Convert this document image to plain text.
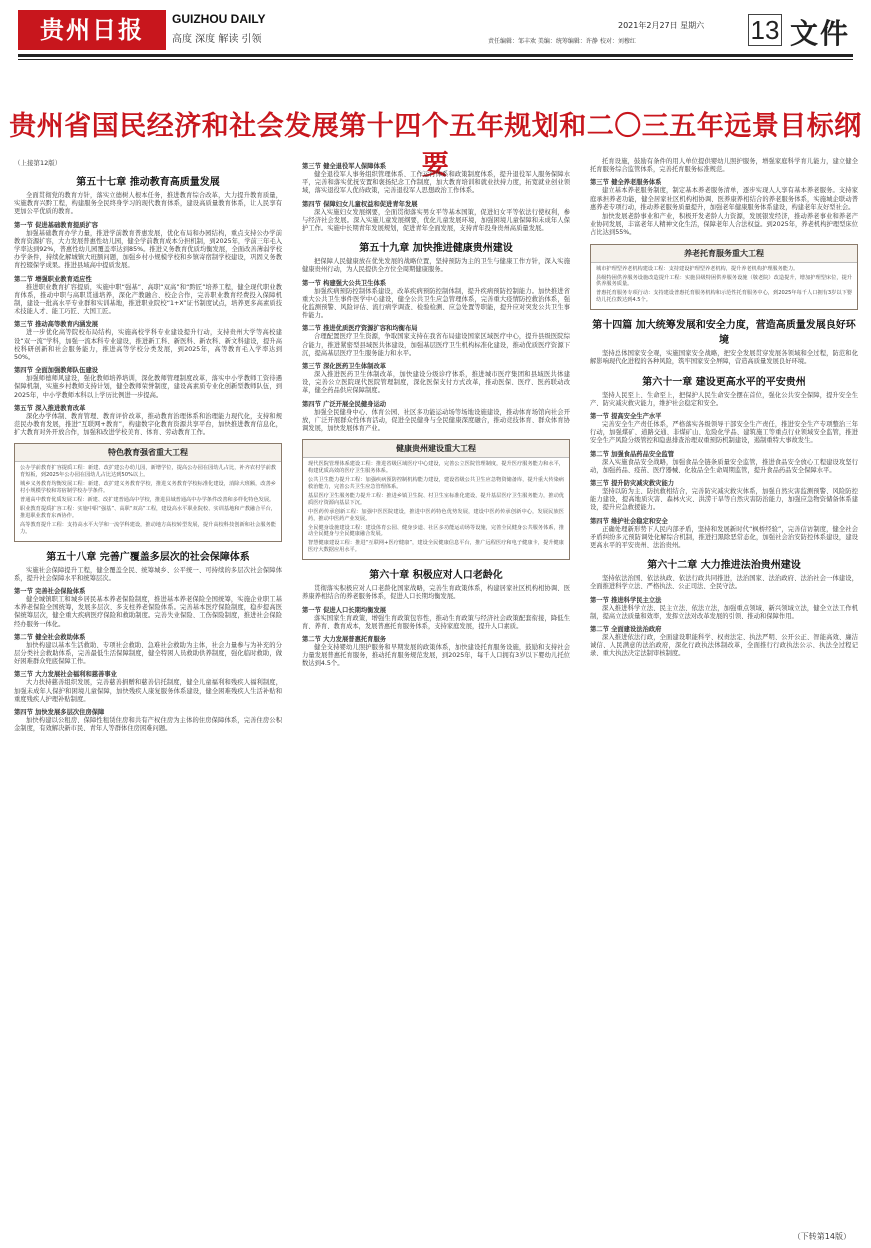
贵州日报	GUIZHOU DAILY
高度 深度 解读 引领
2021年2月27日 星期六
责任编辑：邹丰欢 美编：统筹编辑：许静 校对：刘穆红	13 文件
贵州省国民经济和社会发展第十四个五年规划和二〇三五年远景目标纲要
（上接第12版）
第五十七章 推动教育高质量发展
全面贯彻党的教育方针，落实立德树人根本任务，推进教育综合改革，大力提升教育质量，实施教育兴黔工程，构建服务全民终身学习的现代教育体系，建设高质量教育体系，让人民享有更加公平优质的教育。
第一节 促进基础教育提质扩容
加强基础教育办学力量，推进学前教育普惠发展，优化布局和办园结构，重点支持公办学前教育资源扩容，大力发展普惠性幼儿园，健全学前教育成本分担机制，到2025年，学前三年毛入学率达到92%，普惠性幼儿园覆盖率达到85%。推进义务教育优质均衡发展，全面改善薄弱学校办学条件，持续化解城镇大班额问题，加强乡村小规模学校和乡镇寄宿制学校建设，巩固义务教育控辍保学成果。推进县域高中提质发展。
第二节 增强职业教育适应性
推进职业教育扩容提质，实施中职“强基”、高职“双高”和“黔匠”培养工程，健全现代职业教育体系，推动中职与高职贯通培养，深化产教融合、校企合作，完善职业教育经费投入保障机制，建设一批高水平专业群和实训基地，推进职业院校“1+X”证书制度试点，培养更多高素质技术技能人才、能工巧匠、大国工匠。
第三节 推动高等教育内涵发展
进一步优化高等院校布局结构，实施高校学科专业建设提升行动，支持贵州大学等高校建设“双一流”学科，加强一流本科专业建设，推进新工科、新医科、新农科、新文科建设，提升高校科研创新和社会服务能力，推进高等学校分类发展，到2025年，高等教育毛入学率达到50%。
第四节 全面加强教师队伍建设
加强师德师风建设，强化教师培养培训，深化教师管理制度改革，落实中小学教师工资待遇保障机制，实施乡村教师支持计划，健全教师荣誉制度，建设高素质专业化创新型教师队伍，到2025年，中小学教师本科以上学历比例进一步提高。
第五节 深入推进教育改革
深化办学体制、教育管理、教育评价改革，推动教育治理体系和治理能力现代化，支持和规范民办教育发展，推进“互联网+教育”，构建数字化教育资源共享平台，加快推进教育信息化，扩大教育对外开放合作，加强和改进学校美育、体育、劳动教育工作。
特色教育强省重大工程
公办学前教育扩容提质工程：新建、改扩建公办幼儿园，新增学位，提高公办园在园幼儿占比，补齐农村学前教育短板，到2025年公办园在园幼儿占比达到50%以上。
城乡义务教育均衡发展工程：新建、改扩建义务教育学校，推进义务教育学校标准化建设，消除大班额，改善乡村小规模学校和寄宿制学校办学条件。
普通高中教育优质发展工程：新建、改扩建普通高中学校，推进县域普通高中办学条件改善和多样化特色发展。
职业教育提质扩容工程：实施中职“强基”、高职“双高”工程，建设高水平职业院校、实训基地和产教融合平台，推进职业教育东西协作。
高等教育提升工程：支持高水平大学和一流学科建设，推动地方高校转型发展，提升高校科技创新和社会服务能力。
第五十八章 完善广覆盖多层次的社会保障体系
实施社会保障提升工程，健全覆盖全民、统筹城乡、公平统一、可持续的多层次社会保障体系，提升社会保障水平和统筹层次。
第一节 完善社会保险体系
健全城镇职工和城乡居民基本养老保险制度，推进基本养老保险全国统筹，实施企业职工基本养老保险全国统筹，发展多层次、多支柱养老保险体系。完善基本医疗保险制度，稳步提高医保统筹层次，健全重大疾病医疗保险和救助制度。完善失业保险、工伤保险制度，推进社会保险经办服务一体化。
第二节 健全社会救助体系
加快构建以基本生活救助、专项社会救助、急难社会救助为主体，社会力量参与为补充的分层分类社会救助体系，完善最低生活保障制度，健全特困人员救助供养制度，强化临时救助，做好困难群众兜底保障工作。
第三节 大力发展社会福利和慈善事业
大力扶持慈善组织发展，完善慈善捐赠和慈善信托制度，健全儿童福利和残疾人福利制度，加强未成年人保护和困境儿童保障，加快残疾人康复服务体系建设，健全困难残疾人生活补贴和重度残疾人护理补贴制度。
第四节 加快发展多层次住房保障
加快构建以公租房、保障性租赁住房和共有产权住房为主体的住房保障体系，完善住房公积金制度，有效解决新市民、青年人等群体住房困难问题。
第三节 健全退役军人保障体系
健全退役军人事务组织管理体系、工作运行体系和政策制度体系，提升退役军人服务保障水平，完善和落实优抚安置和褒扬纪念工作制度，加大教育培训和就业扶持力度，拓宽就业创业领域，落实退役军人优待政策，完善退役军人思想政治工作体系。
第四节 保障妇女儿童权益和促进青年发展
深入实施妇女发展纲要，全面贯彻落实男女平等基本国策，促进妇女平等依法行使权利，参与经济社会发展。深入实施儿童发展纲要，优化儿童发展环境，加强困境儿童保障和未成年人保护工作。实施中长期青年发展规划，促进青年全面发展，支持青年投身贵州高质量发展。
第五十九章 加快推进健康贵州建设
把保障人民健康放在优先发展的战略位置，坚持预防为主的卫生与健康工作方针，深入实施健康贵州行动，为人民提供全方位全周期健康服务。
第一节 构建强大公共卫生体系
加强疾病预防控制体系建设，改革疾病预防控制体制，提升疾病预防控制能力。加快推进省重大公共卫生事件医学中心建设，健全公共卫生应急管理体系，完善重大疫情防控救治体系，强化监测预警、风险评估、流行病学调查、检验检测、应急处置等职能，提升应对突发公共卫生事件能力。
第二节 推进优质医疗资源扩容和均衡布局
合理配置医疗卫生资源，争取国家支持在我省布局建设国家区域医疗中心，提升县级医院综合能力，推进紧密型县域医共体建设，加强基层医疗卫生机构标准化建设，推动优质医疗资源下沉，提高基层医疗卫生服务能力和水平。
第三节 深化医药卫生体制改革
深入推进医药卫生体制改革，加快建设分级诊疗体系，推进城市医疗集团和县域医共体建设，完善公立医院现代医院管理制度，深化医保支付方式改革，推动医保、医疗、医药联动改革，健全药品供应保障制度。
第四节 广泛开展全民健身运动
加强全民健身中心、体育公园、社区多功能运动场等场地设施建设，推动体育场馆向社会开放，广泛开展群众性体育活动，促进全民健身与全民健康深度融合，推动竞技体育、群众体育协调发展，加快发展体育产业。
健康贵州建设重大工程
现代医院管理体系建设工程：推进省级区域医疗中心建设，完善公立医院管理制度，提升医疗服务能力和水平，构建优质高效的医疗卫生服务体系。
公共卫生能力提升工程：加强疾病预防控制机构能力建设，建设省级公共卫生应急物资储备库，提升重大传染病救治能力，完善公共卫生应急管理体系。
基层医疗卫生服务能力提升工程：推进乡镇卫生院、村卫生室标准化建设，提升基层医疗卫生服务能力，推动优质医疗资源向基层下沉。
中医药传承创新工程：加强中医医院建设，推进中医药特色优势发展，建设中医药传承创新中心，发展民族医药，推动中医药产业发展。
全民健身设施建设工程：建设体育公园、健身步道、社区多功能运动场等设施，完善全民健身公共服务体系，推动全民健身与全民健康融合发展。
智慧健康建设工程：推进“互联网+医疗健康”，建设全民健康信息平台，推广远程医疗和电子健康卡，提升健康医疗大数据应用水平。
第六十章 积极应对人口老龄化
贯彻落实积极应对人口老龄化国家战略，完善生育政策体系，构建居家社区机构相协调、医养康养相结合的养老服务体系，促进人口长期均衡发展。
第一节 促进人口长期均衡发展
落实国家生育政策，增强生育政策包容性，推动生育政策与经济社会政策配套衔接，降低生育、养育、教育成本，发展普惠托育服务体系，支持家庭发展，提升人口素质。
第二节 大力发展普惠托育服务
健全支持婴幼儿照护服务和早期发展的政策体系，加快建设托育服务设施，鼓励和支持社会力量发展普惠托育服务，推动托育服务规范发展，到2025年，每千人口拥有3岁以下婴幼儿托位数达到4.5个。
托育设施，鼓励有条件的用人单位提供婴幼儿照护服务，增强家庭科学育儿能力，建立健全托育服务综合监管体系，完善托育服务标准规范。
第三节 健全养老服务体系
建立基本养老服务制度，制定基本养老服务清单，逐步实现人人享有基本养老服务。支持家庭承担养老功能，健全居家社区机构相协调、医养康养相结合的养老服务体系，实施城企联动普惠养老专项行动，推动养老服务质量提升，加强老年健康服务体系建设，构建老年友好型社会。
加快发展老龄事业和产业，积极开发老龄人力资源，发展银发经济，推动养老事业和养老产业协同发展，丰富老年人精神文化生活，保障老年人合法权益。到2025年，养老机构护理型床位占比达到55%。
养老托育服务重大工程
城市护理型养老机构建设工程：支持建设护理型养老机构，提升养老机构护理服务能力。
县级特困供养服务设施改造提升工程：实施县级特困供养服务设施（敬老院）改造提升，增加护理型床位，提升供养服务质量。
普惠托育服务专项行动：支持建设普惠托育服务机构和示范性托育服务中心，到2025年每千人口拥有3岁以下婴幼儿托位数达到4.5个。
第十四篇 加大统筹发展和安全力度，营造高质量发展良好环境
坚持总体国家安全观，实施国家安全战略，把安全发展贯穿发展各领域和全过程，防范和化解影响现代化进程的各种风险，筑牢国家安全屏障，营造高质量发展良好环境。
第六十一章 建设更高水平的平安贵州
坚持人民至上、生命至上，把保护人民生命安全摆在首位，强化公共安全保障，提升安全生产、防灾减灾救灾能力，维护社会稳定和安全。
第一节 提高安全生产水平
完善安全生产责任体系，严格落实各级领导干部安全生产责任，推进安全生产专项整治三年行动，加强煤矿、道路交通、非煤矿山、危险化学品、建筑施工等重点行业领域安全监管，推进安全生产风险分级管控和隐患排查治理双重预防机制建设，遏制重特大事故发生。
第二节 加强食品药品安全监管
深入实施食品安全战略，加强食品全链条质量安全监管，推进食品安全放心工程建设攻坚行动，加强药品、疫苗、医疗器械、化妆品全生命周期监管，提升食品药品安全保障水平。
第三节 提升防灾减灾救灾能力
坚持以防为主、防抗救相结合，完善防灾减灾救灾体系，加强自然灾害监测预警、风险防控能力建设，提高地质灾害、森林火灾、洪涝干旱等自然灾害防治能力，加强应急物资储备体系建设，提升应急救援能力。
第四节 维护社会稳定和安全
正确处理新形势下人民内部矛盾，坚持和发展新时代“枫桥经验”，完善信访制度，健全社会矛盾纠纷多元预防调处化解综合机制，推进扫黑除恶常态化，加强社会治安防控体系建设，建设更高水平的平安贵州、法治贵州。
第六十二章 大力推进法治贵州建设
坚持依法治国、依法执政、依法行政共同推进，法治国家、法治政府、法治社会一体建设，全面推进科学立法、严格执法、公正司法、全民守法。
第一节 推进科学民主立法
深入推进科学立法、民主立法、依法立法，加强重点领域、新兴领域立法，健全立法工作机制，提高立法质量和效率，发挥立法对改革发展的引领、推动和保障作用。
第二节 全面建设法治政府
深入推进依法行政，全面建设职能科学、权责法定、执法严明、公开公正、智能高效、廉洁诚信、人民满意的法治政府，深化行政执法体制改革，全面推行行政执法公示、执法全过程记录、重大执法决定法制审核制度。
（下转第14版）
